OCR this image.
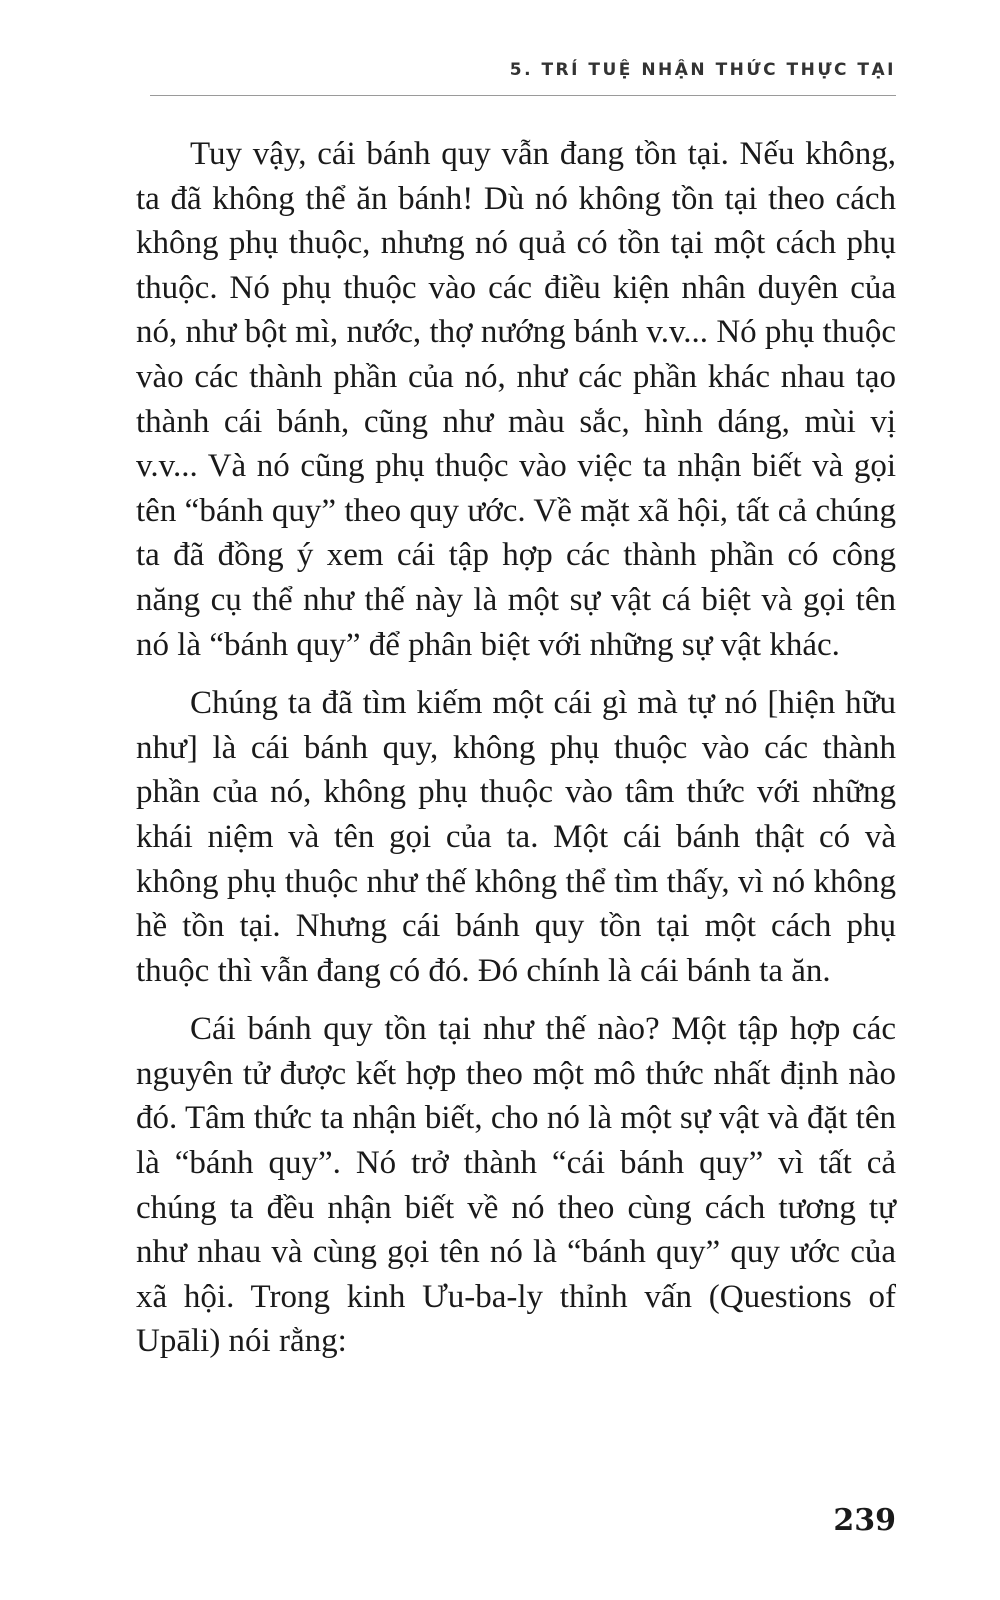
5. TRÍ TUỆ NHẬN THỨC THỰC TẠI

Tuy vậy, cái bánh quy vẫn đang tồn tại. Nếu không, ta đã không thể ăn bánh! Dù nó không tồn tại theo cách không phụ thuộc, nhưng nó quả có tồn tại một cách phụ thuộc. Nó phụ thuộc vào các điều kiện nhân duyên của nó, như bột mì, nước, thợ nướng bánh v.v... Nó phụ thuộc vào các thành phần của nó, như các phần khác nhau tạo thành cái bánh, cũng như màu sắc, hình dáng, mùi vị v.v... Và nó cũng phụ thuộc vào việc ta nhận biết và gọi tên “bánh quy” theo quy ước. Về mặt xã hội, tất cả chúng ta đã đồng ý xem cái tập hợp các thành phần có công năng cụ thể như thế này là một sự vật cá biệt và gọi tên nó là “bánh quy” để phân biệt với những sự vật khác.

Chúng ta đã tìm kiếm một cái gì mà tự nó [hiện hữu như] là cái bánh quy, không phụ thuộc vào các thành phần của nó, không phụ thuộc vào tâm thức với những khái niệm và tên gọi của ta. Một cái bánh thật có và không phụ thuộc như thế không thể tìm thấy, vì nó không hề tồn tại. Nhưng cái bánh quy tồn tại một cách phụ thuộc thì vẫn đang có đó. Đó chính là cái bánh ta ăn.

Cái bánh quy tồn tại như thế nào? Một tập hợp các nguyên tử được kết hợp theo một mô thức nhất định nào đó. Tâm thức ta nhận biết, cho nó là một sự vật và đặt tên là “bánh quy”. Nó trở thành “cái bánh quy” vì tất cả chúng ta đều nhận biết về nó theo cùng cách tương tự như nhau và cùng gọi tên nó là “bánh quy” quy ước của xã hội. Trong kinh Ưu-ba-ly thỉnh vấn (Questions of Upāli) nói rằng:

239
